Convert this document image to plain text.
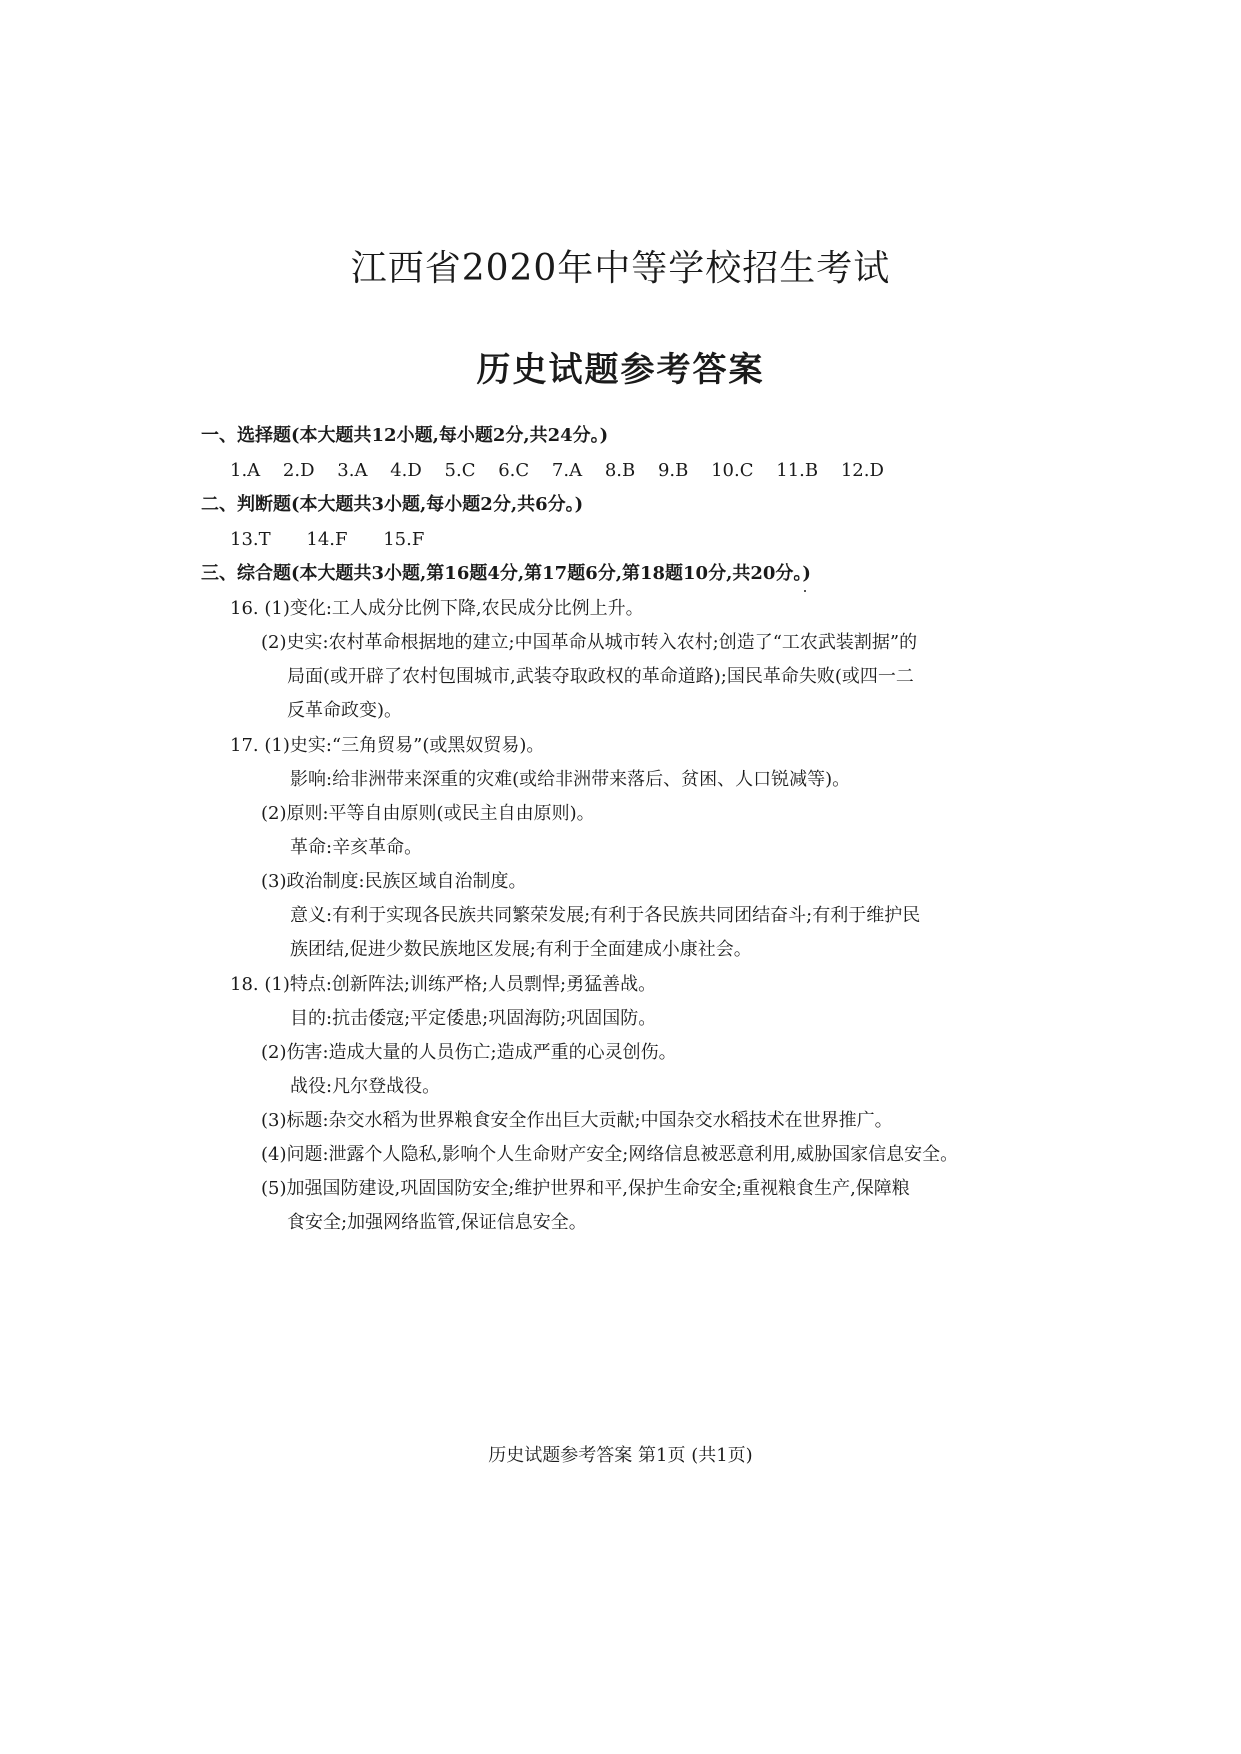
江西省2020年中等学校招生考试
历史试题参考答案
一、选择题(本大题共12小题,每小题2分,共24分。)
1.A 2.D 3.A 4.D 5.C 6.C 7.A 8.B 9.B 10.C 11.B 12.D
二、判断题(本大题共3小题,每小题2分,共6分。)
13.T 14.F 15.F
三、综合题(本大题共3小题,第16题4分,第17题6分,第18题10分,共20分。)
16. (1)变化:工人成分比例下降,农民成分比例上升。
(2)史实:农村革命根据地的建立;中国革命从城市转入农村;创造了“工农武装割据”的
局面(或开辟了农村包围城市,武装夺取政权的革命道路);国民革命失败(或四一二
反革命政变)。
17. (1)史实:“三角贸易”(或黑奴贸易)。
影响:给非洲带来深重的灾难(或给非洲带来落后、贫困、人口锐减等)。
(2)原则:平等自由原则(或民主自由原则)。
革命:辛亥革命。
(3)政治制度:民族区域自治制度。
意义:有利于实现各民族共同繁荣发展;有利于各民族共同团结奋斗;有利于维护民
族团结,促进少数民族地区发展;有利于全面建成小康社会。
18. (1)特点:创新阵法;训练严格;人员剽悍;勇猛善战。
目的:抗击倭寇;平定倭患;巩固海防;巩固国防。
(2)伤害:造成大量的人员伤亡;造成严重的心灵创伤。
战役:凡尔登战役。
(3)标题:杂交水稻为世界粮食安全作出巨大贡献;中国杂交水稻技术在世界推广。
(4)问题:泄露个人隐私,影响个人生命财产安全;网络信息被恶意利用,威胁国家信息安全。
(5)加强国防建设,巩固国防安全;维护世界和平,保护生命安全;重视粮食生产,保障粮
食安全;加强网络监管,保证信息安全。
历史试题参考答案 第1页 (共1页)
